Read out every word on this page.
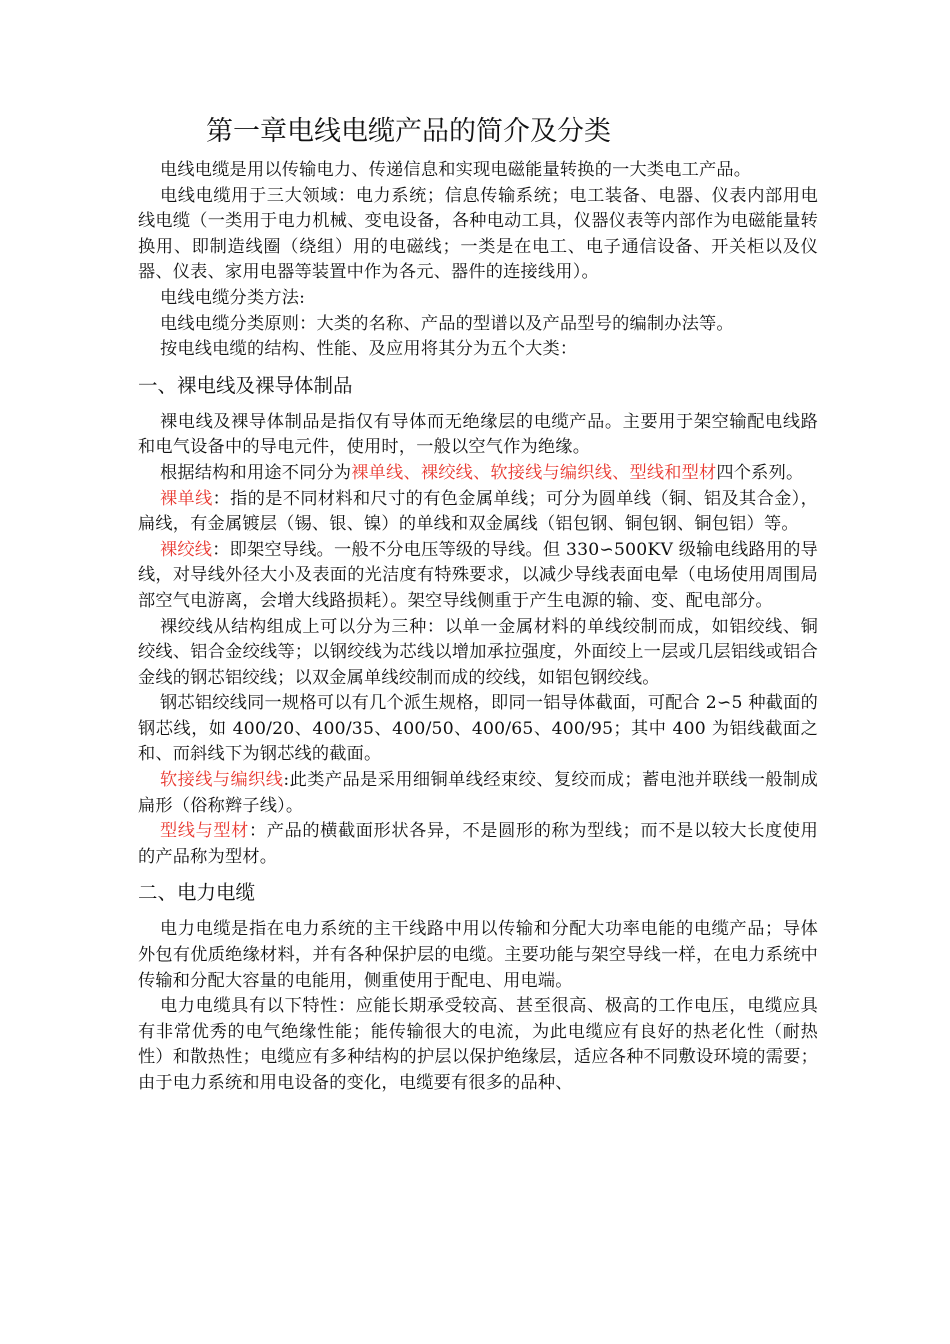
第一章电线电缆产品的简介及分类

电线电缆是用以传输电力、传递信息和实现电磁能量转换的一大类电工产品。

电线电缆用于三大领域：电力系统；信息传输系统；电工装备、电器、仪表内部用电线电缆（一类用于电力机械、变电设备，各种电动工具，仪器仪表等内部作为电磁能量转换用、即制造线圈（绕组）用的电磁线；一类是在电工、电子通信设备、开关柜以及仪器、仪表、家用电器等装置中作为各元、器件的连接线用）。

电线电缆分类方法:

电线电缆分类原则：大类的名称、产品的型谱以及产品型号的编制办法等。

按电线电缆的结构、性能、及应用将其分为五个大类：

一、裸电线及裸导体制品

裸电线及裸导体制品是指仅有导体而无绝缘层的电缆产品。主要用于架空输配电线路和电气设备中的导电元件，使用时，一般以空气作为绝缘。

根据结构和用途不同分为裸单线、裸绞线、软接线与编织线、型线和型材四个系列。

裸单线：指的是不同材料和尺寸的有色金属单线；可分为圆单线（铜、铝及其合金），扁线，有金属镀层（锡、银、镍）的单线和双金属线（铝包钢、铜包钢、铜包铝）等。

裸绞线：即架空导线。一般不分电压等级的导线。但 330∽500KV 级输电线路用的导线，对导线外径大小及表面的光洁度有特殊要求，以减少导线表面电晕（电场使用周围局部空气电游离，会增大线路损耗）。架空导线侧重于产生电源的输、变、配电部分。

裸绞线从结构组成上可以分为三种：以单一金属材料的单线绞制而成，如铝绞线、铜绞线、铝合金绞线等；以钢绞线为芯线以增加承拉强度，外面绞上一层或几层铝线或铝合金线的钢芯铝绞线；以双金属单线绞制而成的绞线，如铝包钢绞线。

钢芯铝绞线同一规格可以有几个派生规格，即同一铝导体截面，可配合 2∽5 种截面的钢芯线，如 400/20、400/35、400/50、400/65、400/95；其中 400 为铝线截面之和、而斜线下为钢芯线的截面。

软接线与编织线:此类产品是采用细铜单线经束绞、复绞而成；蓄电池并联线一般制成扁形（俗称辫子线）。

型线与型材：产品的横截面形状各异，不是圆形的称为型线；而不是以较大长度使用的产品称为型材。

二、电力电缆

电力电缆是指在电力系统的主干线路中用以传输和分配大功率电能的电缆产品；导体外包有优质绝缘材料，并有各种保护层的电缆。主要功能与架空导线一样，在电力系统中传输和分配大容量的电能用，侧重使用于配电、用电端。

电力电缆具有以下特性：应能长期承受较高、甚至很高、极高的工作电压，电缆应具有非常优秀的电气绝缘性能；能传输很大的电流，为此电缆应有良好的热老化性（耐热性）和散热性；电缆应有多种结构的护层以保护绝缘层，适应各种不同敷设环境的需要；由于电力系统和用电设备的变化，电缆要有很多的品种、
